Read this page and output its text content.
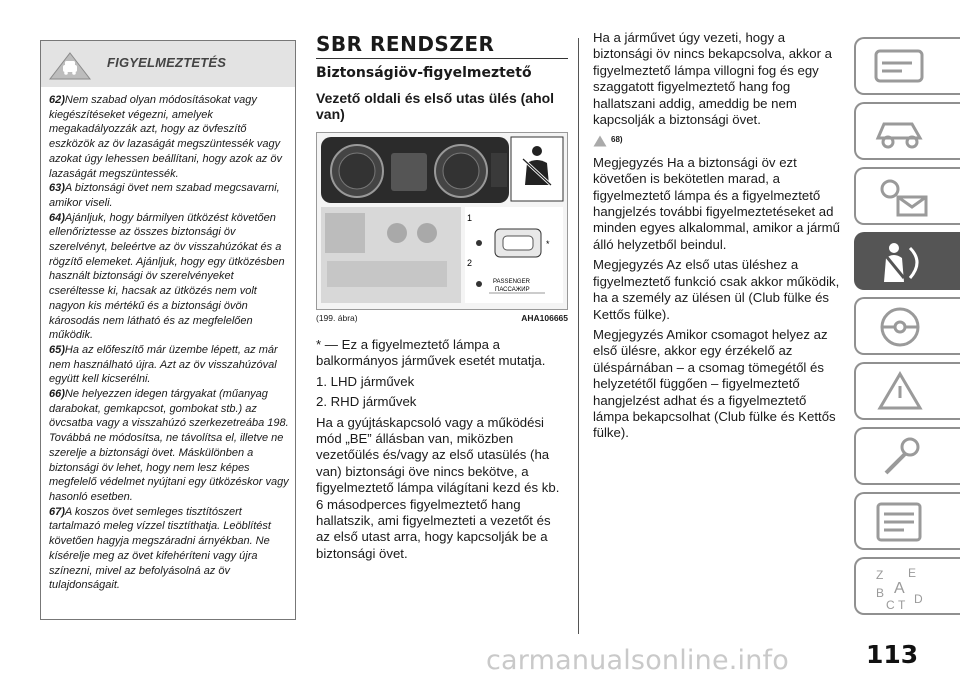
FIGYELMEZTETÉS

62)Nem szabad olyan módosításokat vagy kiegészítéseket végezni, amelyek megakadályozzák azt, hogy az övfeszítő eszközök az öv lazaságát megszüntessék vagy azokat úgy lehessen beállítani, hogy azok az öv lazaságát megszüntessék.

63)A biztonsági övet nem szabad megcsavarni, amikor viseli.

64)Ajánljuk, hogy bármilyen ütközést követően ellenőriztesse az összes biztonsági öv szerelvényt, beleértve az öv visszahúzókat és a rögzítő elemeket. Ajánljuk, hogy egy ütközésben használt biztonsági öv szerelvényeket cseréltesse ki, hacsak az ütközés nem volt nagyon kis mértékű és a biztonsági övön károsodás nem látható és az megfelelően működik.

65)Ha az előfeszítő már üzembe lépett, az már nem használható újra. Azt az öv visszahúzóval együtt kell kicserélni.

66)Ne helyezzen idegen tárgyakat (műanyag darabokat, gemkapcsot, gombokat stb.) az övcsatba vagy a visszahúzó szerkezetreába 198. Továbbá ne módosítsa, ne távolítsa el, illetve ne szerelje a biztonsági övet. Máskülönben a biztonsági öv lehet, hogy nem lesz képes megfelelő védelmet nyújtani egy ütközéskor vagy hasonló esetben.

67)A koszos övet semleges tisztítószert tartalmazó meleg vízzel tisztíthatja. Leöblítést követően hagyja megszáradni árnyékban. Ne kísérelje meg az övet kifehéríteni vagy újra színezni, mivel az befolyásolná az öv tulajdonságait.

SBR RENDSZER
Biztonságiöv-figyelmeztető
Vezető oldali és első utas ülés (ahol van)
1
2
*
PASSENGER
ПАССАЖИР
(199. ábra)	AHA106665

* — Ez a figyelmeztető lámpa a balkormányos járművek esetét mutatja.

1. LHD járművek

2. RHD járművek

Ha a gyújtáskapcsoló vagy a működési mód „BE” állásban van, miközben vezetőülés és/vagy az első utasülés (ha van) biztonsági öve nincs bekötve, a figyelmeztető lámpa világítani kezd és kb. 6 másodperces figyelmeztető hang hallatszik, ami figyelmezteti a vezetőt és az első utast arra, hogy kapcsolják be a biztonsági övet.

Ha a járművet úgy vezeti, hogy a biztonsági öv nincs bekapcsolva, akkor a figyelmeztető lámpa villogni fog és egy szaggatott figyelmeztető hang fog hallatszani addig, ameddig be nem kapcsolják a biztonsági övet.

68)

Megjegyzés Ha a biztonsági öv ezt követően is bekötetlen marad, a figyelmeztető lámpa és a figyelmeztető hangjelzés további figyelmeztetéseket ad minden egyes alkalommal, amikor a jármű álló helyzetből beindul.

Megjegyzés Az első utas üléshez a figyelmeztető funkció csak akkor működik, ha a személy az ülésen ül (Club fülke és Kettős fülke).

Megjegyzés Amikor csomagot helyez az első ülésre, akkor egy érzékelő az üléspárnában – a csomag tömegétől és helyzetétől függően – figyelmeztető hangjelzést adhat és a figyelmeztető lámpa bekapcsolhat (Club fülke és Kettős fülke).

Z E
B A
C T D
carmanualsonline.info	113
